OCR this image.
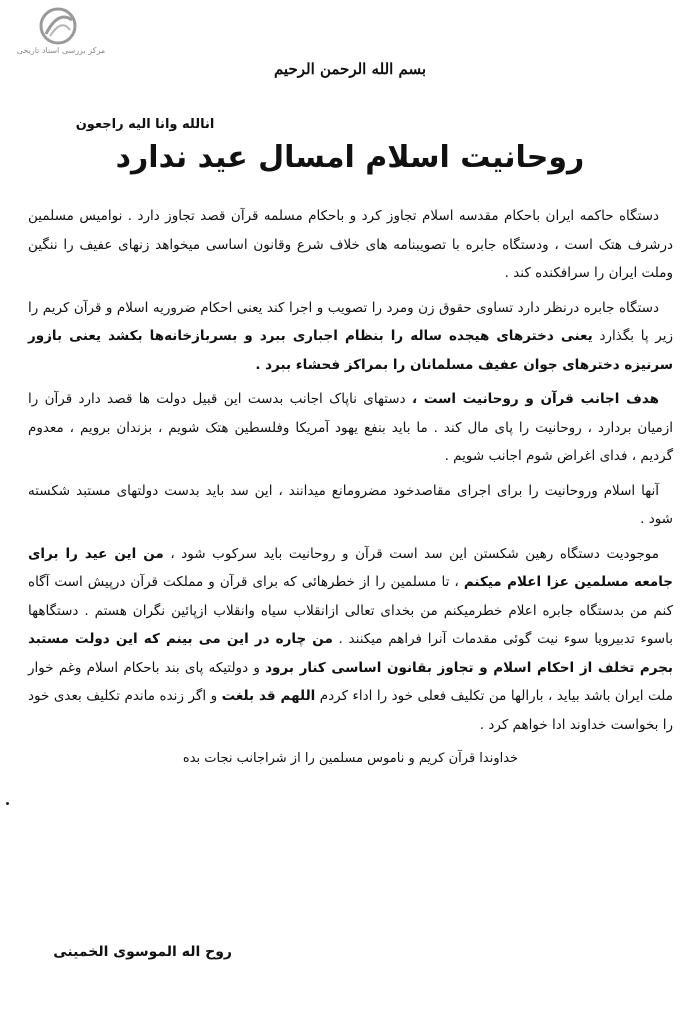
مرکز بررسی اسناد تاریخی
بسم الله الرحمن الرحیم
انالله وانا الیه راجعون
روحانیت اسلام امسال عید ندارد

دستگاه حاکمه ایران باحکام مقدسه اسلام تجاوز کرد و باحکام مسلمه قرآن قصد تجاوز دارد . نوامیس مسلمین درشرف هتک است ، ودستگاه جابره با تصویبنامه های خلاف شرع وقانون اساسی میخواهد زنهای عفیف را ننگین وملت ایران را سرافکنده کند .

دستگاه جابره درنظر دارد تساوی حقوق زن ومرد را تصویب و اجرا کند یعنی احکام ضروریه اسلام و قرآن کریم را زیر پا بگذارد یعنی دخترهای هیجده ساله را بنظام اجباری ببرد و بسربازخانه‌ها بکشد یعنی بازور سرنیزه دخترهای جوان عفیف مسلمانان را بمراکز فحشاء ببرد .

هدف اجانب قرآن و روحانیت است ، دستهای ناپاک اجانب بدست این قبیل دولت ها قصد دارد قرآن را ازمیان بردارد ، روحانیت را پای مال کند . ما باید بنفع یهود آمریکا وفلسطین هتک شویم ، بزندان برویم ، معدوم گردیم ، فدای اغراض شوم اجانب شویم .

آنها اسلام وروحانیت را برای اجرای مقاصدخود مضرومانع میدانند ، این سد باید بدست دولتهای مستبد شکسته شود .

موجودیت دستگاه رهین شکستن این سد است قرآن و روحانیت باید سرکوب شود ، من این عید را برای جامعه مسلمین عزا اعلام میکنم ، تا مسلمین را از خطرهائی که برای قرآن و مملکت قرآن درپیش است آگاه کنم من بدستگاه جابره اعلام خطرمیکنم من بخدای تعالی ازانقلاب سیاه وانقلاب ازپائین نگران هستم . دستگاهها باسوء تدبیرویا سوء نیت گوئی مقدمات آنرا فراهم میکنند . من چاره در این می بینم که این دولت مستبد بجرم تخلف از احکام اسلام و تجاوز بقانون اساسی کنار برود و دولتیکه پای بند باحکام اسلام وغم خوار ملت ایران باشد بیاید ، بارالها من تکلیف فعلی خود را اداء کردم اللهم قد بلغت و اگر زنده ماندم تکلیف بعدی خود را بخواست خداوند ادا خواهم کرد .

خداوندا قرآن کریم و ناموس مسلمین را از شراجانب نجات بده

روح اله الموسوی الخمینی
